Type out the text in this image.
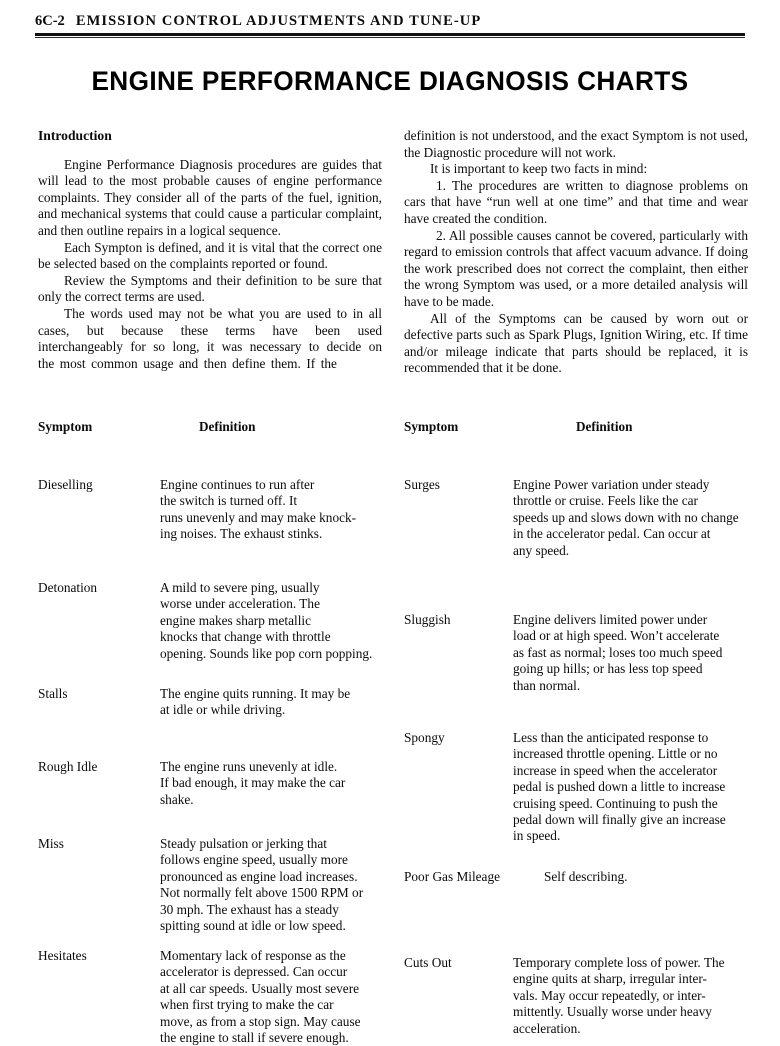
6C-2 EMISSION CONTROL ADJUSTMENTS AND TUNE-UP
ENGINE PERFORMANCE DIAGNOSIS CHARTS
Introduction

Engine Performance Diagnosis procedures are guides that will lead to the most probable causes of engine performance complaints. They consider all of the parts of the fuel, ignition, and mechanical systems that could cause a particular complaint, and then outline repairs in a logical sequence.

Each Sympton is defined, and it is vital that the correct one be selected based on the complaints reported or found.

Review the Symptoms and their definition to be sure that only the correct terms are used.

The words used may not be what you are used to in all cases, but because these terms have been used interchangeably for so long, it was necessary to decide on the most common usage and then define them. If the

definition is not understood, and the exact Symptom is not used, the Diagnostic procedure will not work.

It is important to keep two facts in mind:

1. The procedures are written to diagnose problems on cars that have “run well at one time” and that time and wear have created the condition.

2. All possible causes cannot be covered, particularly with regard to emission controls that affect vacuum advance. If doing the work prescribed does not correct the complaint, then either the wrong Symptom was used, or a more detailed analysis will have to be made.

All of the Symptoms can be caused by worn out or defective parts such as Spark Plugs, Ignition Wiring, etc. If time and/or mileage indicate that parts should be replaced, it is recommended that it be done.

Symptom	Definition
Dieselling	Engine continues to run after
the switch is turned off. It
runs unevenly and may make knock-
ing noises. The exhaust stinks.
Detonation	A mild to severe ping, usually
worse under acceleration. The
engine makes sharp metallic
knocks that change with throttle
opening. Sounds like pop corn popping.
Stalls	The engine quits running. It may be
at idle or while driving.
Rough Idle	The engine runs unevenly at idle.
If bad enough, it may make the car
shake.
Miss	Steady pulsation or jerking that
follows engine speed, usually more
pronounced as engine load increases.
Not normally felt above 1500 RPM or
30 mph. The exhaust has a steady
spitting sound at idle or low speed.
Hesitates	Momentary lack of response as the
accelerator is depressed. Can occur
at all car speeds. Usually most severe
when first trying to make the car
move, as from a stop sign. May cause
the engine to stall if severe enough.
Symptom	Definition
Surges	Engine Power variation under steady
throttle or cruise. Feels like the car
speeds up and slows down with no change
in the accelerator pedal. Can occur at
any speed.
Sluggish	Engine delivers limited power under
load or at high speed. Won’t accelerate
as fast as normal; loses too much speed
going up hills; or has less top speed
than normal.
Spongy	Less than the anticipated response to
increased throttle opening. Little or no
increase in speed when the accelerator
pedal is pushed down a little to increase
cruising speed. Continuing to push the
pedal down will finally give an increase
in speed.
Poor Gas Mileage	Self describing.
Cuts Out	Temporary complete loss of power. The
engine quits at sharp, irregular inter-
vals. May occur repeatedly, or inter-
mittently. Usually worse under heavy
acceleration.
